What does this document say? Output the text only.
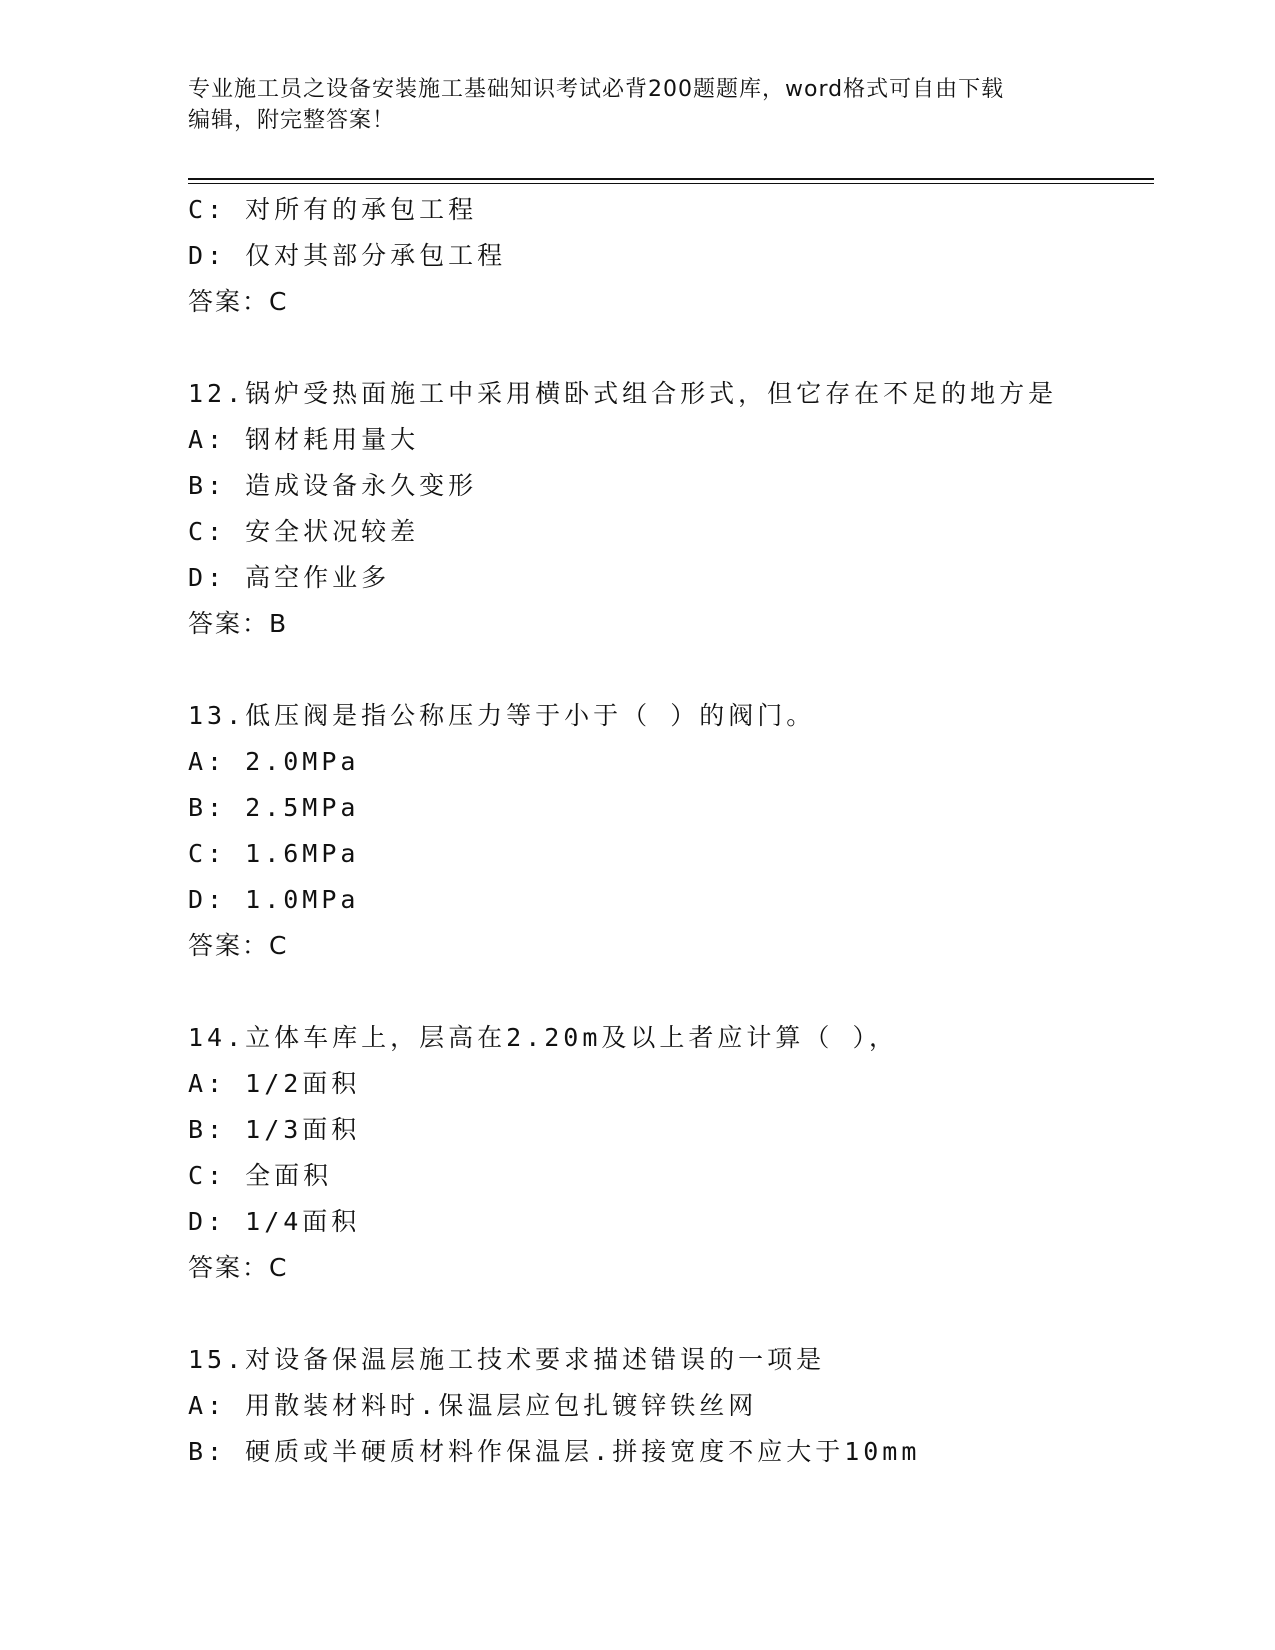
专业施工员之设备安装施工基础知识考试必背200题题库，word格式可自由下载
编辑，附完整答案！
C: 对所有的承包工程
D: 仅对其部分承包工程
答案：C
12.锅炉受热面施工中采用横卧式组合形式，但它存在不足的地方是
A: 钢材耗用量大
B: 造成设备永久变形
C: 安全状况较差
D: 高空作业多
答案：B
13.低压阀是指公称压力等于小于（ ）的阀门。
A: 2.0MPa
B: 2.5MPa
C: 1.6MPa
D: 1.0MPa
答案：C
14.立体车库上，层高在2.20m及以上者应计算（ ），
A: 1/2面积
B: 1/3面积
C: 全面积
D: 1/4面积
答案：C
15.对设备保温层施工技术要求描述错误的一项是
A: 用散装材料时.保温层应包扎镀锌铁丝网
B: 硬质或半硬质材料作保温层.拼接宽度不应大于10mm
